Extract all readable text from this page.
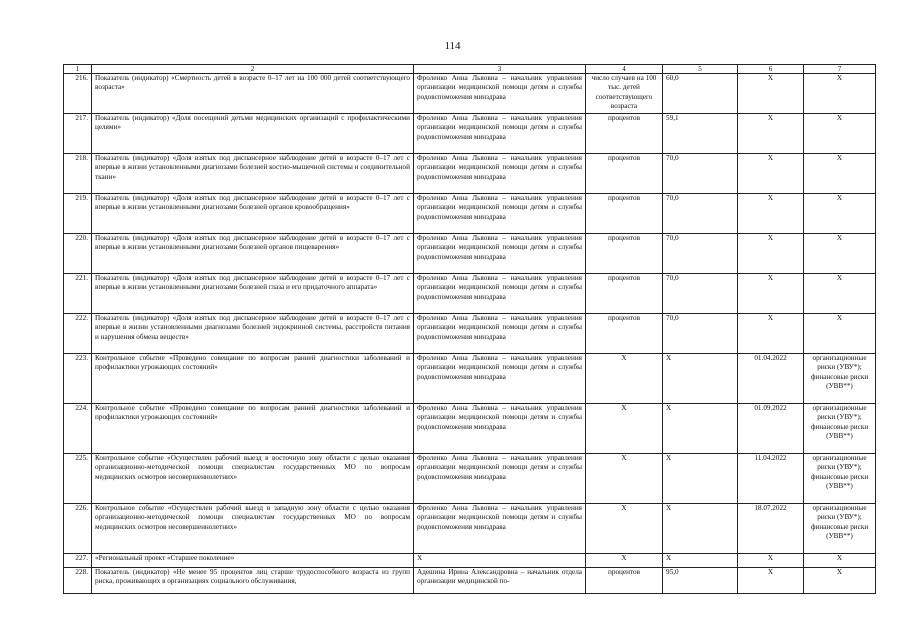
114
1	2	3	4	5	6	7
216.	Показатель (индикатор) «Смертность детей в возрасте 0–17 лет на 100 000 детей соответствующего возраста»	Фроленко Анна Львовна – начальник управления организации медицинской помощи детям и службы родовспоможения минздрава	число случаев на 100 тыс. детей соответствующего возраста	60,0	X	X
217.	Показатель (индикатор) «Доля посещений детьми медицинских организаций с профилактическими целями»	Фроленко Анна Львовна – начальник управления организации медицинской помощи детям и службы родовспоможения минздрава	процентов	59,1	X	X
218.	Показатель (индикатор) «Доля взятых под диспансерное наблюдение детей в возрасте 0–17 лет с впервые в жизни установленными диагнозами болезней костно-мышечной системы и соединительной ткани»	Фроленко Анна Львовна – начальник управления организации медицинской помощи детям и службы родовспоможения минздрава	процентов	70,0	X	X
219.	Показатель (индикатор) «Доля взятых под диспансерное наблюдение детей в возрасте 0–17 лет с впервые в жизни установленными диагнозами болезней органов кровообращения»	Фроленко Анна Львовна – начальник управления организации медицинской помощи детям и службы родовспоможения минздрава	процентов	70,0	X	X
220.	Показатель (индикатор) «Доля взятых под диспансерное наблюдение детей в возрасте 0–17 лет с впервые в жизни установленными диагнозами болезней органов пищеварения»	Фроленко Анна Львовна – начальник управления организации медицинской помощи детям и службы родовспоможения минздрава	процентов	70,0	X	X
221.	Показатель (индикатор) «Доля взятых под диспансерное наблюдение детей в возрасте 0–17 лет с впервые в жизни установленными диагнозами болезней глаза и его придаточного аппарата»	Фроленко Анна Львовна – начальник управления организации медицинской помощи детям и службы родовспоможения минздрава	процентов	70,0	X	X
222.	Показатель (индикатор) «Доля взятых под диспансерное наблюдение детей в возрасте 0–17 лет с впервые в жизни установленными диагнозами болезней эндокринной системы, расстройств питания и нарушения обмена веществ»	Фроленко Анна Львовна – начальник управления организации медицинской помощи детям и службы родовспоможения минздрава	процентов	70,0	X	X
223.	Контрольное событие «Проведено совещание по вопросам ранней диагностики заболеваний и профилактики угрожающих состояний»	Фроленко Анна Львовна – начальник управления организации медицинской помощи детям и службы родовспоможения минздрава	X	X	01.04.2022	организационные риски (УВУ*); финансовые риски (УВВ**)
224.	Контрольное событие «Проведено совещание по вопросам ранней диагностики заболеваний и профилактики угрожающих состояний»	Фроленко Анна Львовна – начальник управления организации медицинской помощи детям и службы родовспоможения минздрава	X	X	01.09.2022	организационные риски (УВУ*); финансовые риски (УВВ**)
225.	Контрольное событие «Осуществлен рабочий выезд в восточную зону области с целью оказания организационно-методической помощи специалистам государственных МО по вопросам медицинских осмотров несовершеннолетних»	Фроленко Анна Львовна – начальник управления организации медицинской помощи детям и службы родовспоможения минздрава	X	X	11.04.2022	организационные риски (УВУ*); финансовые риски (УВВ**)
226.	Контрольное событие «Осуществлен рабочий выезд в западную зону области с целью оказания организационно-методической помощи специалистам государственных МО по вопросам медицинских осмотров несовершеннолетних»	Фроленко Анна Львовна – начальник управления организации медицинской помощи детям и службы родовспоможения минздрава	X	X	18.07.2022	организационные риски (УВУ*); финансовые риски (УВВ**)
227.	«Региональный проект «Старшее поколение»	X	X	X	X	X
228.	Показатель (индикатор) «Не менее 95 процентов лиц старше трудоспособного возраста из групп риска, проживающих в организациях социального обслуживания,	Адешина Ирина Александровна – начальник отдела организации медицинской по-	процентов	95,0	X	X
